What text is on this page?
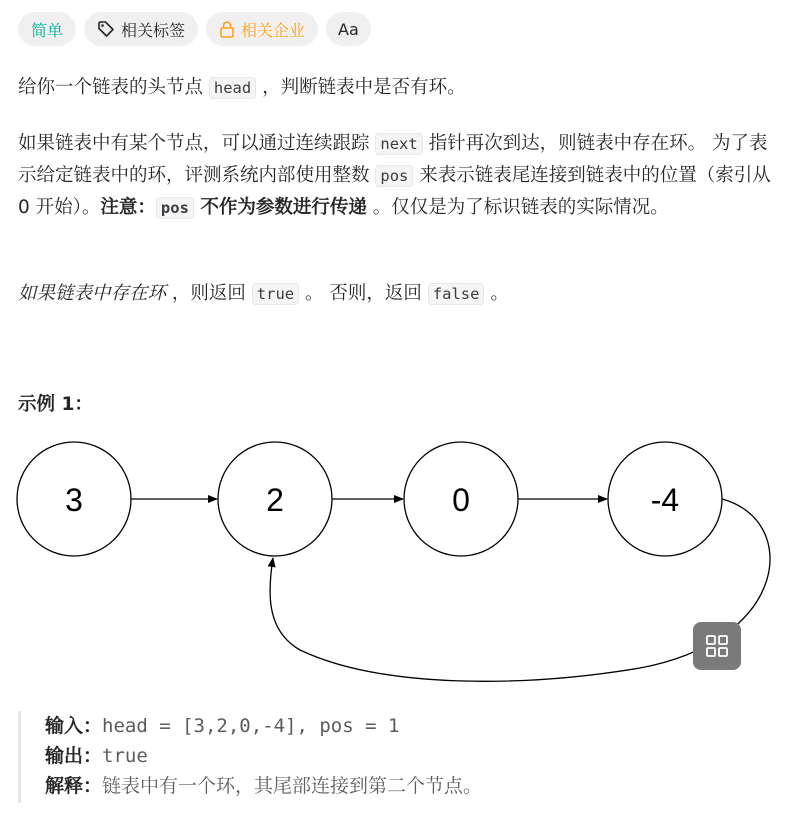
简单	相关标签	相关企业 Aa

给你一个链表的头节点 head ，判断链表中是否有环。

如果链表中有某个节点，可以通过连续跟踪 next 指针再次到达，则链表中存在环。 为了表示给定链表中的环，评测系统内部使用整数 pos 来表示链表尾连接到链表中的位置（索引从 0 开始）。注意： pos 不作为参数进行传递 。仅仅是为了标识链表的实际情况。

如果链表中存在环 ，则返回 true 。 否则，返回 false 。

示例 1：

3	2	0	-4
输入：head = [3,2,0,-4], pos = 1
输出：true
解释：链表中有一个环，其尾部连接到第二个节点。
